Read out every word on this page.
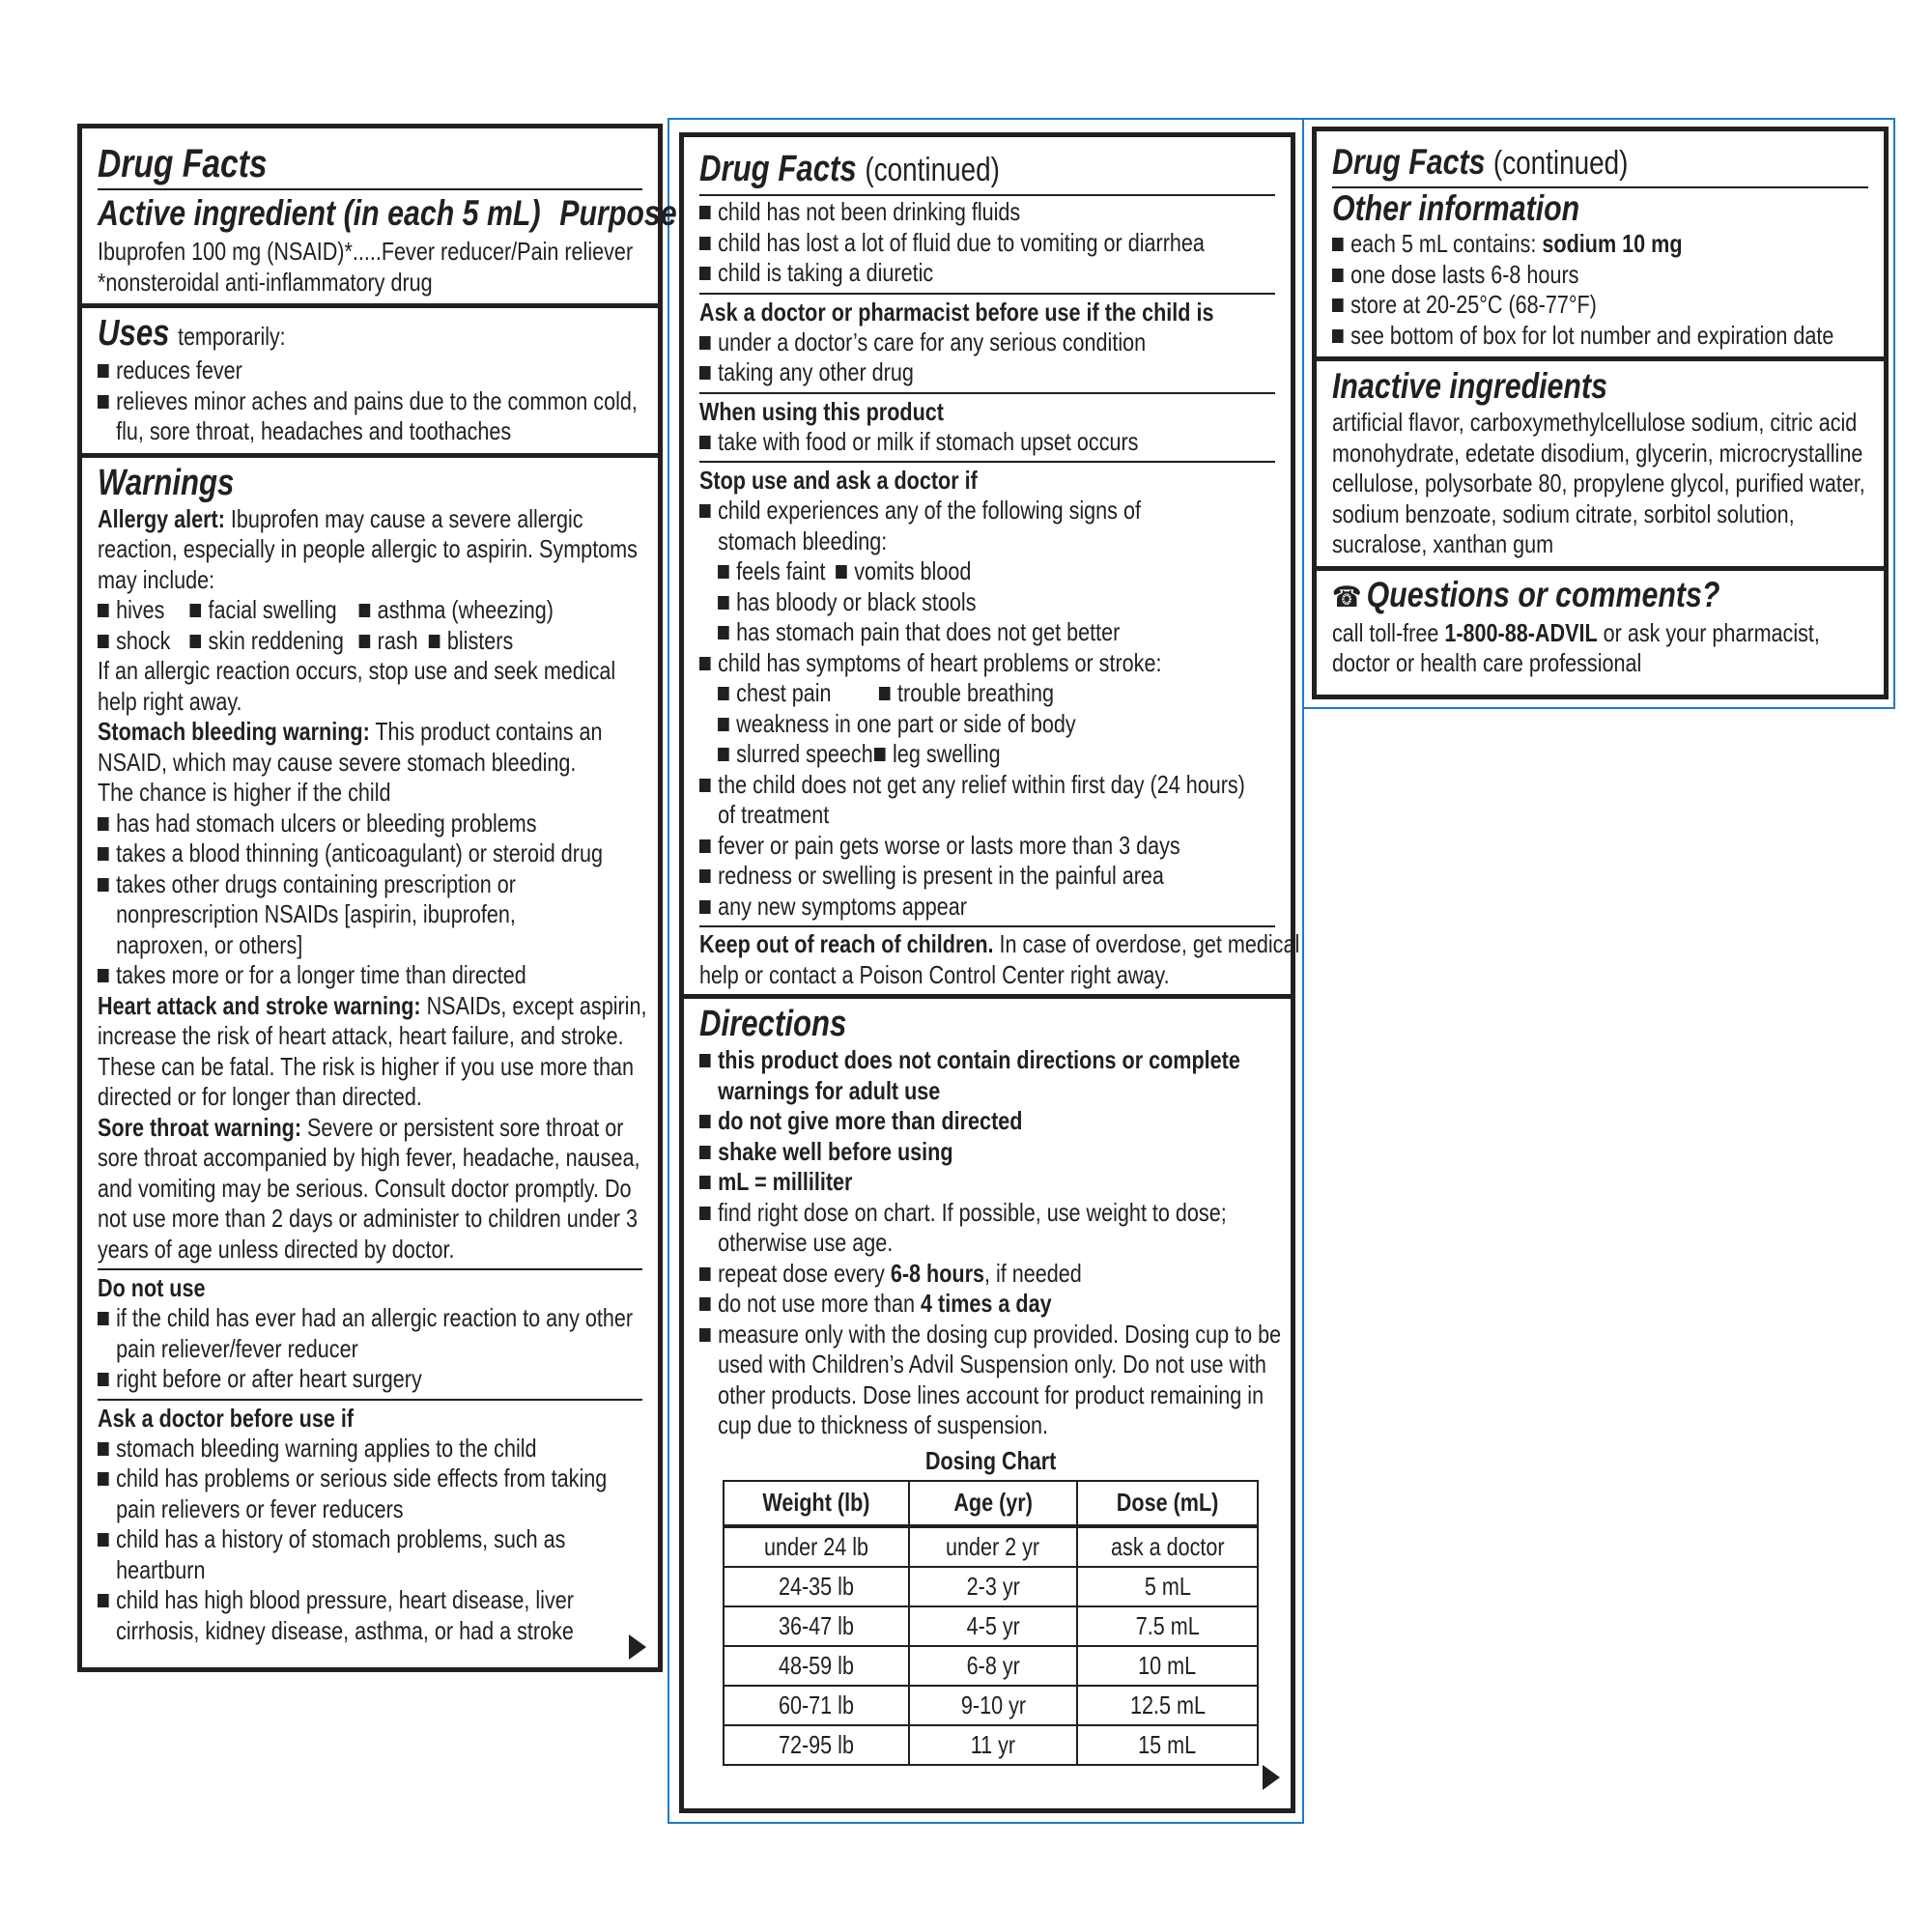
Drug Facts
Active ingredient (in each 5 mL) Purpose
Ibuprofen 100 mg (NSAID)*.....Fever reducer/Pain reliever
*nonsteroidal anti-inflammatory drug
Uses temporarily:
reduces fever
relieves minor aches and pains due to the common cold,
flu, sore throat, headaches and toothaches
Warnings
Allergy alert: Ibuprofen may cause a severe allergic
reaction, especially in people allergic to aspirin. Symptoms
may include:
hives facial swelling asthma (wheezing)
shock skin reddening rash blisters
If an allergic reaction occurs, stop use and seek medical
help right away.
Stomach bleeding warning: This product contains an
NSAID, which may cause severe stomach bleeding.
The chance is higher if the child
has had stomach ulcers or bleeding problems
takes a blood thinning (anticoagulant) or steroid drug
takes other drugs containing prescription or
nonprescription NSAIDs [aspirin, ibuprofen,
naproxen, or others]
takes more or for a longer time than directed
Heart attack and stroke warning: NSAIDs, except aspirin,
increase the risk of heart attack, heart failure, and stroke.
These can be fatal. The risk is higher if you use more than
directed or for longer than directed.
Sore throat warning: Severe or persistent sore throat or
sore throat accompanied by high fever, headache, nausea,
and vomiting may be serious. Consult doctor promptly. Do
not use more than 2 days or administer to children under 3
years of age unless directed by doctor.
Do not use
if the child has ever had an allergic reaction to any other
pain reliever/fever reducer
right before or after heart surgery
Ask a doctor before use if
stomach bleeding warning applies to the child
child has problems or serious side effects from taking
pain relievers or fever reducers
child has a history of stomach problems, such as
heartburn
child has high blood pressure, heart disease, liver
cirrhosis, kidney disease, asthma, or had a stroke
Drug Facts (continued)
child has not been drinking fluids
child has lost a lot of fluid due to vomiting or diarrhea
child is taking a diuretic
Ask a doctor or pharmacist before use if the child is
under a doctor’s care for any serious condition
taking any other drug
When using this product
take with food or milk if stomach upset occurs
Stop use and ask a doctor if
child experiences any of the following signs of
stomach bleeding:
feels faint vomits blood
has bloody or black stools
has stomach pain that does not get better
child has symptoms of heart problems or stroke:
chest pain	trouble breathing
weakness in one part or side of body
slurred speech leg swelling
the child does not get any relief within first day (24 hours)
of treatment
fever or pain gets worse or lasts more than 3 days
redness or swelling is present in the painful area
any new symptoms appear
Keep out of reach of children. In case of overdose, get medical
help or contact a Poison Control Center right away.
Directions
this product does not contain directions or complete
warnings for adult use
do not give more than directed
shake well before using
mL = milliliter
find right dose on chart. If possible, use weight to dose;
otherwise use age.
repeat dose every 6-8 hours, if needed
do not use more than 4 times a day
measure only with the dosing cup provided. Dosing cup to be
used with Children’s Advil Suspension only. Do not use with
other products. Dose lines account for product remaining in
cup due to thickness of suspension.
Dosing Chart
Weight (lb)	Age (yr)	Dose (mL)
under 24 lb	under 2 yr	ask a doctor
24-35 lb	2-3 yr	5 mL
36-47 lb	4-5 yr	7.5 mL
48-59 lb	6-8 yr	10 mL
60-71 lb	9-10 yr	12.5 mL
72-95 lb	11 yr	15 mL
Drug Facts (continued)
Other information
each 5 mL contains: sodium 10 mg
one dose lasts 6-8 hours
store at 20-25°C (68-77°F)
see bottom of box for lot number and expiration date
Inactive ingredients
artificial flavor, carboxymethylcellulose sodium, citric acid
monohydrate, edetate disodium, glycerin, microcrystalline
cellulose, polysorbate 80, propylene glycol, purified water,
sodium benzoate, sodium citrate, sorbitol solution,
sucralose, xanthan gum
☎ Questions or comments?
call toll-free 1-800-88-ADVIL or ask your pharmacist,
doctor or health care professional
